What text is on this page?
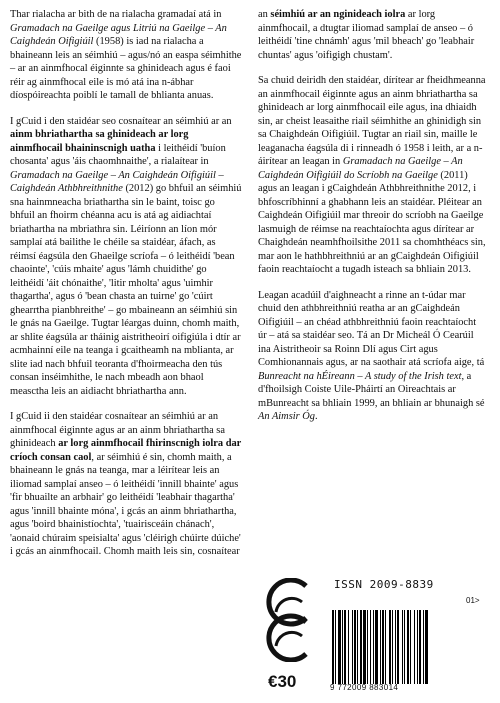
Thar rialacha ar bith de na rialacha gramadaí atá in Gramadach na Gaeilge agus Litriú na Gaeilge – An Caighdeán Oifigiúil (1958) is iad na rialacha a bhaineann leis an séimhiú – agus/nó an easpa séimhithe – ar an ainmfhocal éiginnte sa ghinideach agus é faoi réir ag ainmfhocal eile is mó atá ina n-ábhar díospóireachta poiblí le tamall de bhlianta anuas.

I gCuid i den staidéar seo cosnaítear an séimhiú ar an ainm bhriathartha sa ghinideach ar lorg ainmfhocail bhaininscnigh uatha i leithéidí 'buíon chosanta' agus 'áis chaomhnaithe', a rialaítear in Gramadach na Gaeilge – An Caighdeán Oifigiúil – Caighdeán Athbhreithnithe (2012) go bhfuil an séimhiú sna hainmneacha briathartha sin le baint, toisc go bhfuil an fhoirm chéanna acu is atá ag aidiachtaí briathartha na mbriathra sin. Léiríonn an líon mór samplaí atá bailithe le chéile sa staidéar, áfach, as réimsí éagsúla den Ghaeilge scríofa – ó leithéidí 'bean chaointe', 'cúis mhaite' agus 'lámh chuidithe' go leithéidí 'áit chónaithe', 'litir mholta' agus 'uimhir thagartha', agus ó 'bean chasta an tuirne' go 'cúirt ghearrtha pianbhreithe' – go mbaineann an séimhiú sin le gnás na Gaeilge. Tugtar léargas duinn, chomh maith, ar shlite éagsúla ar tháinig aistritheoirí oifigiúla i dtír ar acmhainní eile na teanga i gcaitheamh na mblianta, ar slite iad nach bhfuil teoranta d'fhoirmeacha den tús consan inséimhithe, le nach mbeadh aon bhaol measctha leis an aidiacht bhriathartha ann.

I gCuid ii den staidéar cosnaítear an séimhiú ar an ainmfhocal éiginnte agus ar an ainm bhriathartha sa ghinideach ar lorg ainmfhocail fhirinscnigh iolra dar críoch consan caol, ar séimhiú é sin, chomh maith, a bhaineann le gnás na teanga, mar a léirítear leis an iliomad samplaí anseo – ó leithéidí 'innill bhainte' agus 'fir bhuailte an arbhair' go leithéidí 'leabhair thagartha' agus 'innill bhainte móna', i gcás an ainm bhriathartha, agus 'boird bhainistíochta', 'tuairisceáin chánach', 'aonaid chúraim speisialta' agus 'cléirigh chúirte dúiche' i gcás an ainmfhocail. Chomh maith leis sin, cosnaítear

an séimhiú ar an nginideach iolra ar lorg ainmfhocail, a dtugtar iliomad samplaí de anseo – ó leithéidí 'tine chnámh' agus 'mil bheach' go 'leabhair chuntas' agus 'oifigigh chustam'.

Sa chuid deiridh den staidéar, dírítear ar fheidhmeanna an ainmfhocail éiginnte agus an ainm bhriathartha sa ghinideach ar lorg ainmfhocail eile agus, ina dhiaidh sin, ar cheist leasaithe riail séimhithe an ghinidigh sin sa Chaighdeán Oifigiúil. Tugtar an riail sin, maille le leaganacha éagsúla di i rinneadh ó 1958 i leith, ar a n-áirítear an leagan in Gramadach na Gaeilge – An Caighdeán Oifigiúil do Scríobh na Gaeilge (2011) agus an leagan i gCaighdeán Athbhreithnithe 2012, i bhfoscríbhinní a ghabhann leis an staidéar. Pléitear an Caighdeán Oifigiúil mar threoir do scríobh na Gaeilge lasmuigh de réimse na reachtaíochta agus dírítear ar Chaighdeán neamhfhoilsithe 2011 sa chomhthéacs sin, mar aon le hathbhreithniú ar an gCaighdeán Oifigiúil faoin reachtaíocht a tugadh isteach sa bhliain 2013.

Leagan acadúil d'aighneacht a rinne an t-údar mar chuid den athbhreithniú reatha ar an gCaighdeán Oifigiúil – an chéad athbhreithniú faoin reachtaíocht úr – atá sa staidéar seo. Tá an Dr Micheál Ó Cearúil ina Aistritheoir sa Roinn Dlí agus Cirt agus Comhionannais agus, ar na saothair atá scríofa aige, tá Bunreacht na hÉireann – A study of the Irish text, a d'fhoilsigh Coiste Uile-Pháirtí an Oireachtais ar mBunreacht sa bhliain 1999, an bhliain ar bhunaigh sé An Aimsir Óg.

ISSN 2009-8839
01>
9 772009 883014
€30
